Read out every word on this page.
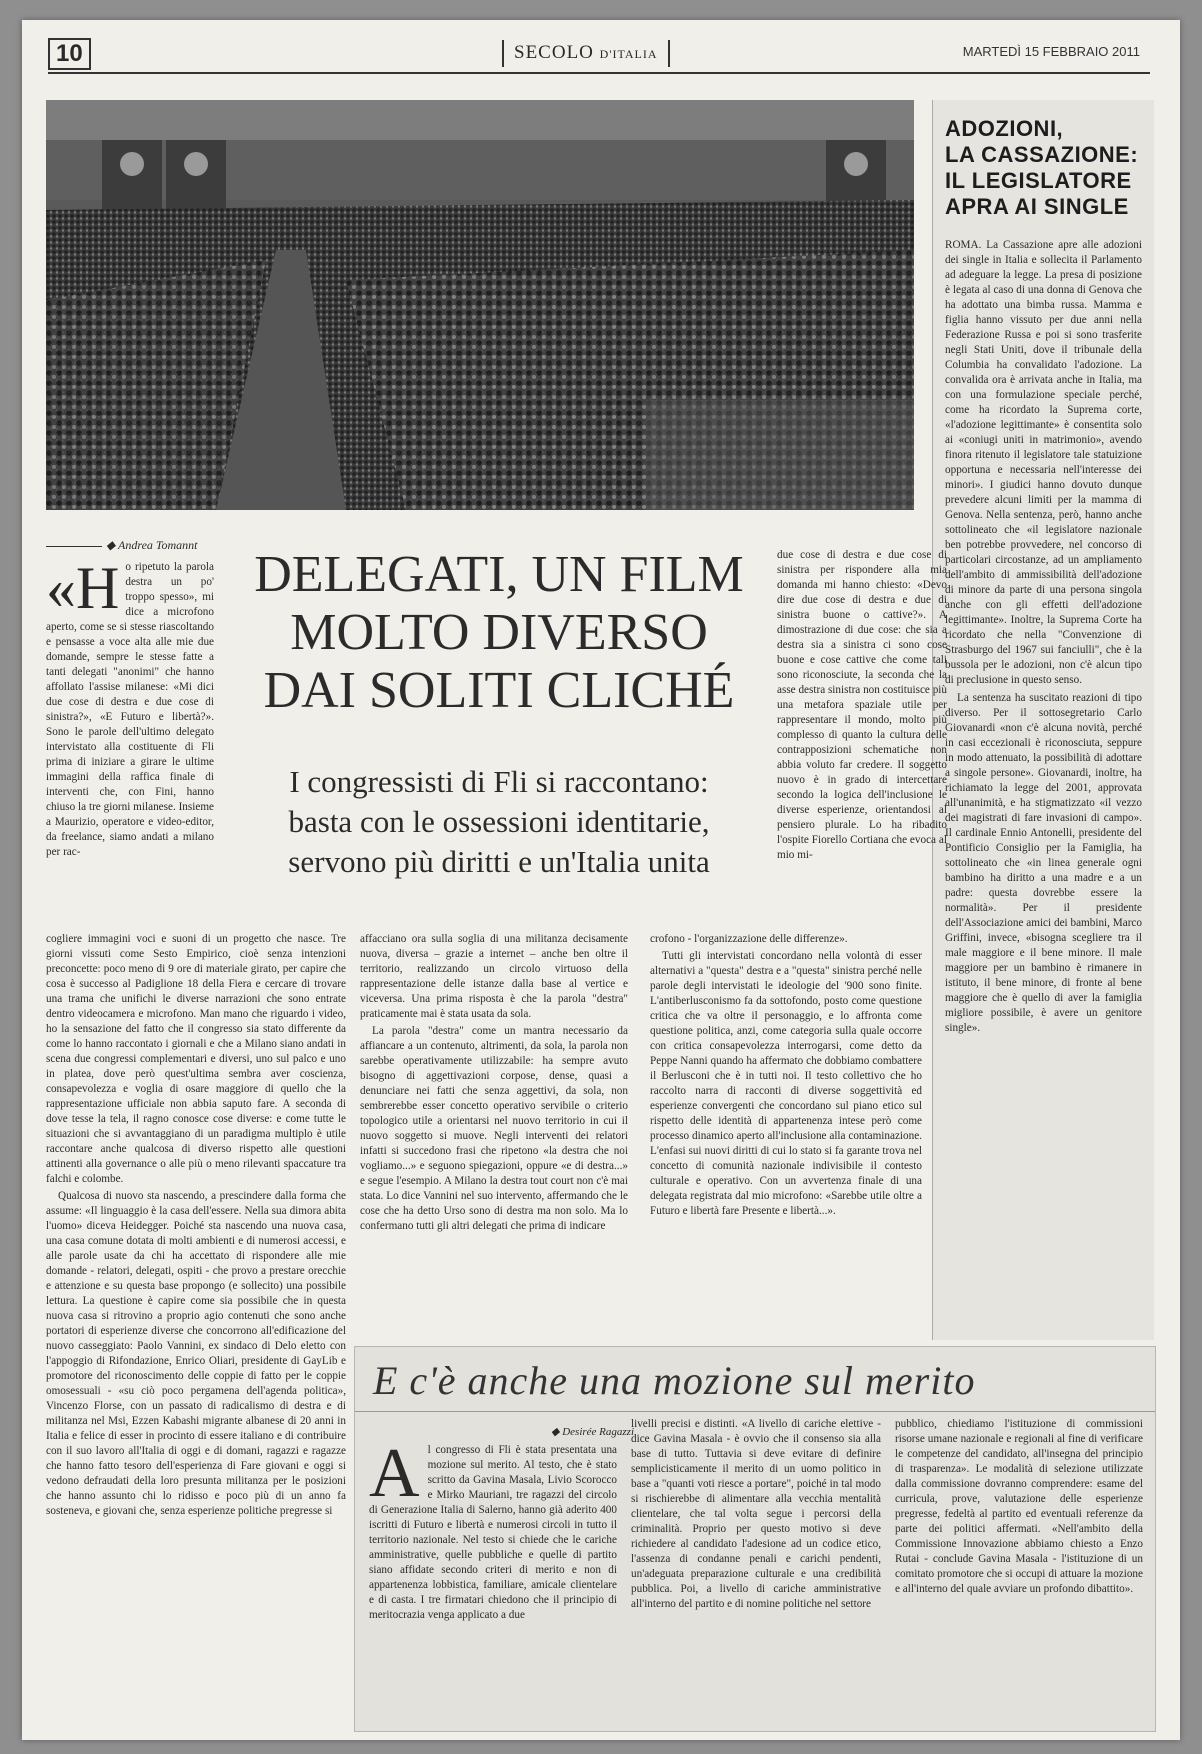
10	SECOLO D'ITALIA	MARTEDÌ 15 FEBBRAIO 2011
ADOZIONI,
LA CASSAZIONE:
IL LEGISLATORE
APRA AI SINGLE

ROMA. La Cassazione apre alle adozioni dei single in Italia e sollecita il Parlamento ad adeguare la legge. La presa di posizione è legata al caso di una donna di Genova che ha adottato una bimba russa. Mamma e figlia hanno vissuto per due anni nella Federazione Russa e poi si sono trasferite negli Stati Uniti, dove il tribunale della Columbia ha convalidato l'adozione. La convalida ora è arrivata anche in Italia, ma con una formulazione speciale perché, come ha ricordato la Suprema corte, «l'adozione legittimante» è consentita solo ai «coniugi uniti in matrimonio», avendo finora ritenuto il legislatore tale statuizione opportuna e necessaria nell'interesse dei minori». I giudici hanno dovuto dunque prevedere alcuni limiti per la mamma di Genova. Nella sentenza, però, hanno anche sottolineato che «il legislatore nazionale ben potrebbe provvedere, nel concorso di particolari circostanze, ad un ampliamento dell'ambito di ammissibilità dell'adozione di minore da parte di una persona singola anche con gli effetti dell'adozione legittimante». Inoltre, la Suprema Corte ha ricordato che nella "Convenzione di Strasburgo del 1967 sui fanciulli", che è la bussola per le adozioni, non c'è alcun tipo di preclusione in questo senso.

La sentenza ha suscitato reazioni di tipo diverso. Per il sottosegretario Carlo Giovanardi «non c'è alcuna novità, perché in casi eccezionali è riconosciuta, seppure in modo attenuato, la possibilità di adottare a singole persone». Giovanardi, inoltre, ha richiamato la legge del 2001, approvata all'unanimità, e ha stigmatizzato «il vezzo dei magistrati di fare invasioni di campo». Il cardinale Ennio Antonelli, presidente del Pontificio Consiglio per la Famiglia, ha sottolineato che «in linea generale ogni bambino ha diritto a una madre e a un padre: questa dovrebbe essere la normalità». Per il presidente dell'Associazione amici dei bambini, Marco Griffini, invece, «bisogna scegliere tra il male maggiore e il bene minore. Il male maggiore per un bambino è rimanere in istituto, il bene minore, di fronte al bene maggiore che è quello di aver la famiglia migliore possibile, è avere un genitore single».

◆ Andrea Tomannt
DELEGATI, UN FILM
MOLTO DIVERSO
DAI SOLITI CLICHÉ
I congressisti di Fli si raccontano:
basta con le ossessioni identitarie,
servono più diritti e un'Italia unita
«H o ripetuto la parola destra un po' troppo spesso», mi dice a microfono aperto, come se si stesse riascoltando e pensasse a voce alta alle mie due domande, sempre le stesse fatte a tanti delegati "anonimi" che hanno affollato l'assise milanese: «Mi dici due cose di destra e due cose di sinistra?», «E Futuro e libertà?». Sono le parole dell'ultimo delegato intervistato alla costituente di Fli prima di iniziare a girare le ultime immagini della raffica finale di interventi che, con Fini, hanno chiuso la tre giorni milanese. Insieme a Maurizio, operatore e video-editor, da freelance, siamo andati a milano per rac-

due cose di destra e due cose di sinistra per rispondere alla mia domanda mi hanno chiesto: «Devo dire due cose di destra e due di sinistra buone o cattive?». A dimostrazione di due cose: che sia a destra sia a sinistra ci sono cose buone e cose cattive che come tali sono riconosciute, la seconda che la asse destra sinistra non costituisce più una metafora spaziale utile per rappresentare il mondo, molto più complesso di quanto la cultura delle contrapposizioni schematiche non abbia voluto far credere. Il soggetto nuovo è in grado di intercettare secondo la logica dell'inclusione le diverse esperienze, orientandosi al pensiero plurale. Lo ha ribadito l'ospite Fiorello Cortiana che evoca al mio mi-

cogliere immagini voci e suoni di un progetto che nasce. Tre giorni vissuti come Sesto Empirico, cioè senza intenzioni preconcette: poco meno di 9 ore di materiale girato, per capire che cosa è successo al Padiglione 18 della Fiera e cercare di trovare una trama che unifichi le diverse narrazioni che sono entrate dentro videocamera e microfono. Man mano che riguardo i video, ho la sensazione del fatto che il congresso sia stato differente da come lo hanno raccontato i giornali e che a Milano siano andati in scena due congressi complementari e diversi, uno sul palco e uno in platea, dove però quest'ultima sembra aver coscienza, consapevolezza e voglia di osare maggiore di quello che la rappresentazione ufficiale non abbia saputo fare. A seconda di dove tesse la tela, il ragno conosce cose diverse: e come tutte le situazioni che si avvantaggiano di un paradigma multiplo è utile raccontare anche qualcosa di diverso rispetto alle questioni attinenti alla governance o alle più o meno rilevanti spaccature tra falchi e colombe.

Qualcosa di nuovo sta nascendo, a prescindere dalla forma che assume: «Il linguaggio è la casa dell'essere. Nella sua dimora abita l'uomo» diceva Heidegger. Poiché sta nascendo una nuova casa, una casa comune dotata di molti ambienti e di numerosi accessi, e alle parole usate da chi ha accettato di rispondere alle mie domande - relatori, delegati, ospiti - che provo a prestare orecchie e attenzione e su questa base propongo (e sollecito) una possibile lettura. La questione è capire come sia possibile che in questa nuova casa si ritrovino a proprio agio contenuti che sono anche portatori di esperienze diverse che concorrono all'edificazione del nuovo casseggiato: Paolo Vannini, ex sindaco di Delo eletto con l'appoggio di Rifondazione, Enrico Oliari, presidente di GayLib e promotore del riconoscimento delle coppie di fatto per le coppie omosessuali - «su ciò poco pergamena dell'agenda politica», Vincenzo Florse, con un passato di radicalismo di destra e di militanza nel Msi, Ezzen Kabashi migrante albanese di 20 anni in Italia e felice di esser in procinto di essere italiano e di contribuire con il suo lavoro all'Italia di oggi e di domani, ragazzi e ragazze che hanno fatto tesoro dell'esperienza di Fare giovani e oggi si vedono defraudati della loro presunta militanza per le posizioni che hanno assunto chi lo ridisso e poco più di un anno fa sosteneva, e giovani che, senza esperienze politiche pregresse si

affacciano ora sulla soglia di una militanza decisamente nuova, diversa – grazie a internet – anche ben oltre il territorio, realizzando un circolo virtuoso della rappresentazione delle istanze dalla base al vertice e viceversa. Una prima risposta è che la parola "destra" praticamente mai è stata usata da sola.

La parola "destra" come un mantra necessario da affiancare a un contenuto, altrimenti, da sola, la parola non sarebbe operativamente utilizzabile: ha sempre avuto bisogno di aggettivazioni corpose, dense, quasi a denunciare nei fatti che senza aggettivi, da sola, non sembrerebbe esser concetto operativo servibile o criterio topologico utile a orientarsi nel nuovo territorio in cui il nuovo soggetto si muove. Negli interventi dei relatori infatti si succedono frasi che ripetono «la destra che noi vogliamo...» e seguono spiegazioni, oppure «e di destra...» e segue l'esempio. A Milano la destra tout court non c'è mai stata. Lo dice Vannini nel suo intervento, affermando che le cose che ha detto Urso sono di destra ma non solo. Ma lo confermano tutti gli altri delegati che prima di indicare

crofono - l'organizzazione delle differenze».

Tutti gli intervistati concordano nella volontà di esser alternativi a "questa" destra e a "questa" sinistra perché nelle parole degli intervistati le ideologie del '900 sono finite. L'antiberlusconismo fa da sottofondo, posto come questione critica che va oltre il personaggio, e lo affronta come questione politica, anzi, come categoria sulla quale occorre con critica consapevolezza interrogarsi, come detto da Peppe Nanni quando ha affermato che dobbiamo combattere il Berlusconi che è in tutti noi. Il testo collettivo che ho raccolto narra di racconti di diverse soggettività ed esperienze convergenti che concordano sul piano etico sul rispetto delle identità di appartenenza intese però come processo dinamico aperto all'inclusione alla contaminazione. L'enfasi sui nuovi diritti di cui lo stato si fa garante trova nel concetto di comunità nazionale indivisibile il contesto culturale e operativo. Con un avvertenza finale di una delegata registrata dal mio microfono: «Sarebbe utile oltre a Futuro e libertà fare Presente e libertà...».

E c'è anche una mozione sul merito
◆ Desirée Ragazzi
A l congresso di Fli è stata presentata una mozione sul merito. Al testo, che è stato scritto da Gavina Masala, Livio Scorocco e Mirko Mauriani, tre ragazzi del circolo di Generazione Italia di Salerno, hanno già aderito 400 iscritti di Futuro e libertà e numerosi circoli in tutto il territorio nazionale. Nel testo si chiede che le cariche amministrative, quelle pubbliche e quelle di partito siano affidate secondo criteri di merito e non di appartenenza lobbistica, familiare, amicale clientelare e di casta. I tre firmatari chiedono che il principio di meritocrazia venga applicato a due

livelli precisi e distinti. «A livello di cariche elettive - dice Gavina Masala - è ovvio che il consenso sia alla base di tutto. Tuttavia si deve evitare di definire semplicisticamente il merito di un uomo politico in base a "quanti voti riesce a portare", poiché in tal modo si rischierebbe di alimentare alla vecchia mentalità clientelare, che tal volta segue i percorsi della criminalità. Proprio per questo motivo si deve richiedere al candidato l'adesione ad un codice etico, l'assenza di condanne penali e carichi pendenti, un'adeguata preparazione culturale e una credibilità pubblica. Poi, a livello di cariche amministrative all'interno del partito e di nomine politiche nel settore

pubblico, chiediamo l'istituzione di commissioni risorse umane nazionale e regionali al fine di verificare le competenze del candidato, all'insegna del principio di trasparenza». Le modalità di selezione utilizzate dalla commissione dovranno comprendere: esame del curricula, prove, valutazione delle esperienze pregresse, fedeltà al partito ed eventuali referenze da parte dei politici affermati. «Nell'ambito della Commissione Innovazione abbiamo chiesto a Enzo Rutai - conclude Gavina Masala - l'istituzione di un comitato promotore che si occupi di attuare la mozione e all'interno del quale avviare un profondo dibattito».
